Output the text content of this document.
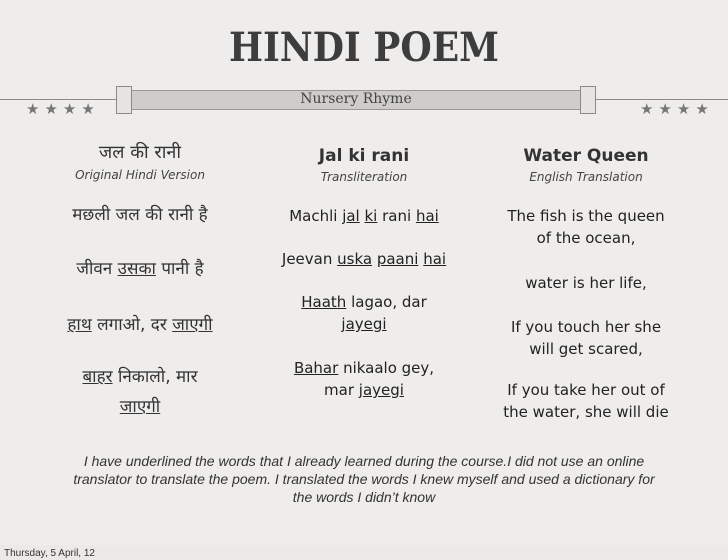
HINDI POEM
Nursery Rhyme
★★★★	★★★★
जल की रानी
Original Hindi Version
Jal ki rani
Transliteration
Water Queen
English Translation
मछली जल की रानी है
जीवन उसका पानी है
हाथ लगाओ, दर जाएगी
बाहर निकालो, मार
जाएगी
Machli jal ki rani hai
Jeevan uska paani hai
Haath lagao, dar
jayegi
Bahar nikaalo gey,
mar jayegi
The fish is the queen
of the ocean,
water is her life,
If you touch her she
will get scared,
If you take her out of
the water, she will die
I have underlined the words that I already learned during the course.I did not use an online
translator to translate the poem. I translated the words I knew myself and used a dictionary for
the words I didn’t know
Thursday, 5 April, 12
